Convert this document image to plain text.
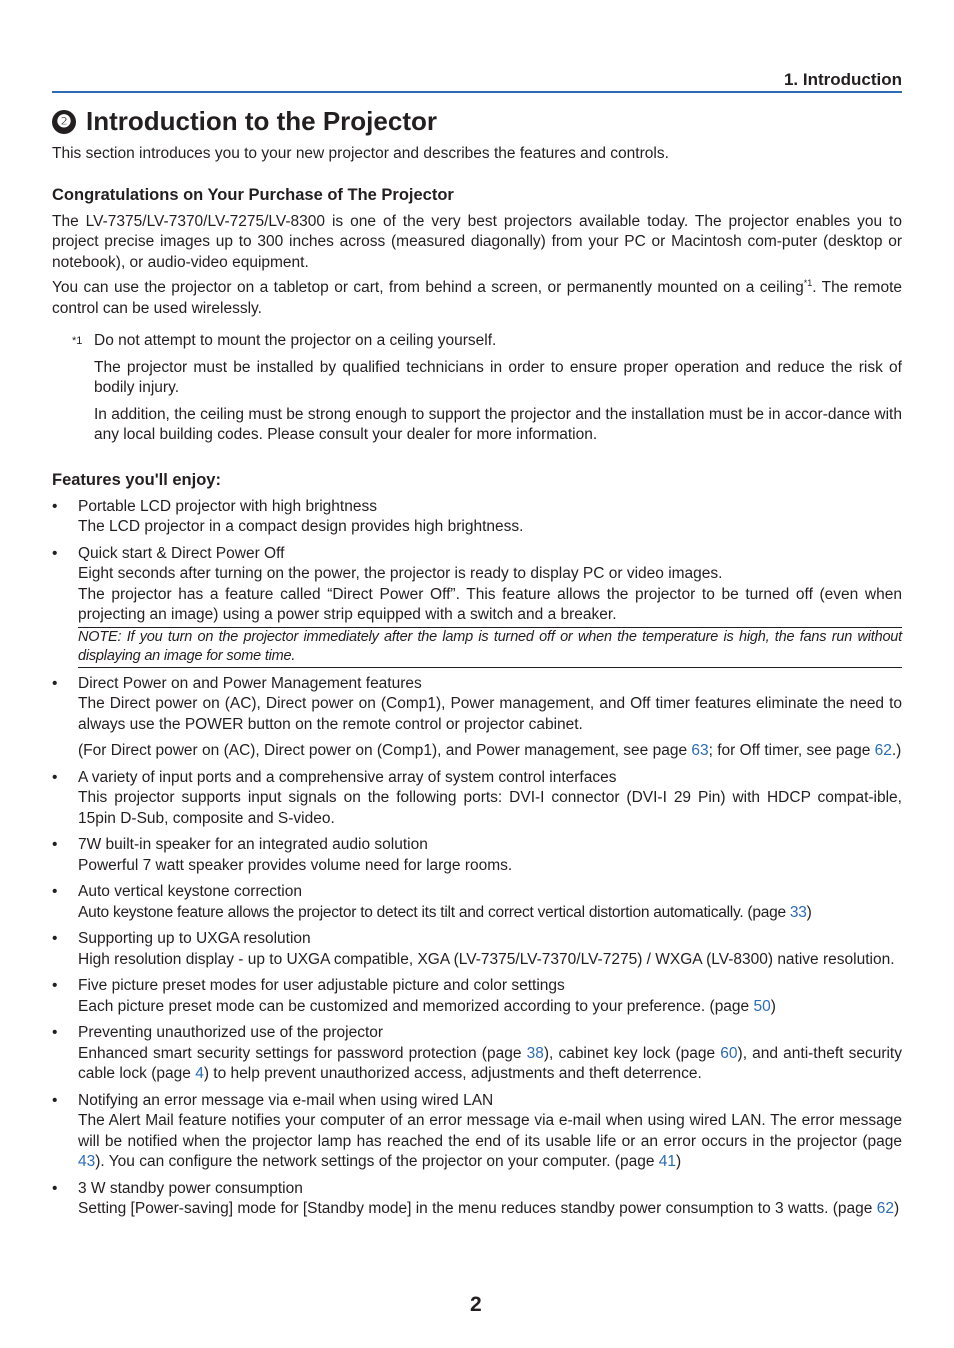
1. Introduction
❷ Introduction to the Projector
This section introduces you to your new projector and describes the features and controls.
Congratulations on Your Purchase of The Projector

The LV-7375/LV-7370/LV-7275/LV-8300 is one of the very best projectors available today. The projector enables you to project precise images up to 300 inches across (measured diagonally) from your PC or Macintosh com-puter (desktop or notebook), or audio-video equipment.

You can use the projector on a tabletop or cart, from behind a screen, or permanently mounted on a ceiling$^{*1}$. The remote control can be used wirelessly.

*1 Do not attempt to mount the projector on a ceiling yourself.

The projector must be installed by qualified technicians in order to ensure proper operation and reduce the risk of bodily injury.

In addition, the ceiling must be strong enough to support the projector and the installation must be in accor-dance with any local building codes. Please consult your dealer for more information.

Features you'll enjoy:
• Portable LCD projector with high brightness
The LCD projector in a compact design provides high brightness.
• Quick start & Direct Power Off
Eight seconds after turning on the power, the projector is ready to display PC or video images.
The projector has a feature called “Direct Power Off”. This feature allows the projector to be turned off (even when projecting an image) using a power strip equipped with a switch and a breaker.
NOTE: If you turn on the projector immediately after the lamp is turned off or when the temperature is high, the fans run without displaying an image for some time.
• Direct Power on and Power Management features
The Direct power on (AC), Direct power on (Comp1), Power management, and Off timer features eliminate the need to always use the POWER button on the remote control or projector cabinet.
(For Direct power on (AC), Direct power on (Comp1), and Power management, see page 63; for Off timer, see page 62.)
• A variety of input ports and a comprehensive array of system control interfaces
This projector supports input signals on the following ports: DVI-I connector (DVI-I 29 Pin) with HDCP compat-ible, 15pin D-Sub, composite and S-video.
• 7W built-in speaker for an integrated audio solution
Powerful 7 watt speaker provides volume need for large rooms.
• Auto vertical keystone correction
Auto keystone feature allows the projector to detect its tilt and correct vertical distortion automatically. (page 33)
• Supporting up to UXGA resolution
High resolution display - up to UXGA compatible, XGA (LV-7375/LV-7370/LV-7275) / WXGA (LV-8300) native resolution.
• Five picture preset modes for user adjustable picture and color settings
Each picture preset mode can be customized and memorized according to your preference. (page 50)
• Preventing unauthorized use of the projector
Enhanced smart security settings for password protection (page 38), cabinet key lock (page 60), and anti-theft security cable lock (page 4) to help prevent unauthorized access, adjustments and theft deterrence.
• Notifying an error message via e-mail when using wired LAN
The Alert Mail feature notifies your computer of an error message via e-mail when using wired LAN. The error message will be notified when the projector lamp has reached the end of its usable life or an error occurs in the projector (page 43). You can configure the network settings of the projector on your computer. (page 41)
• 3 W standby power consumption
Setting [Power-saving] mode for [Standby mode] in the menu reduces standby power consumption to 3 watts. (page 62)
2
